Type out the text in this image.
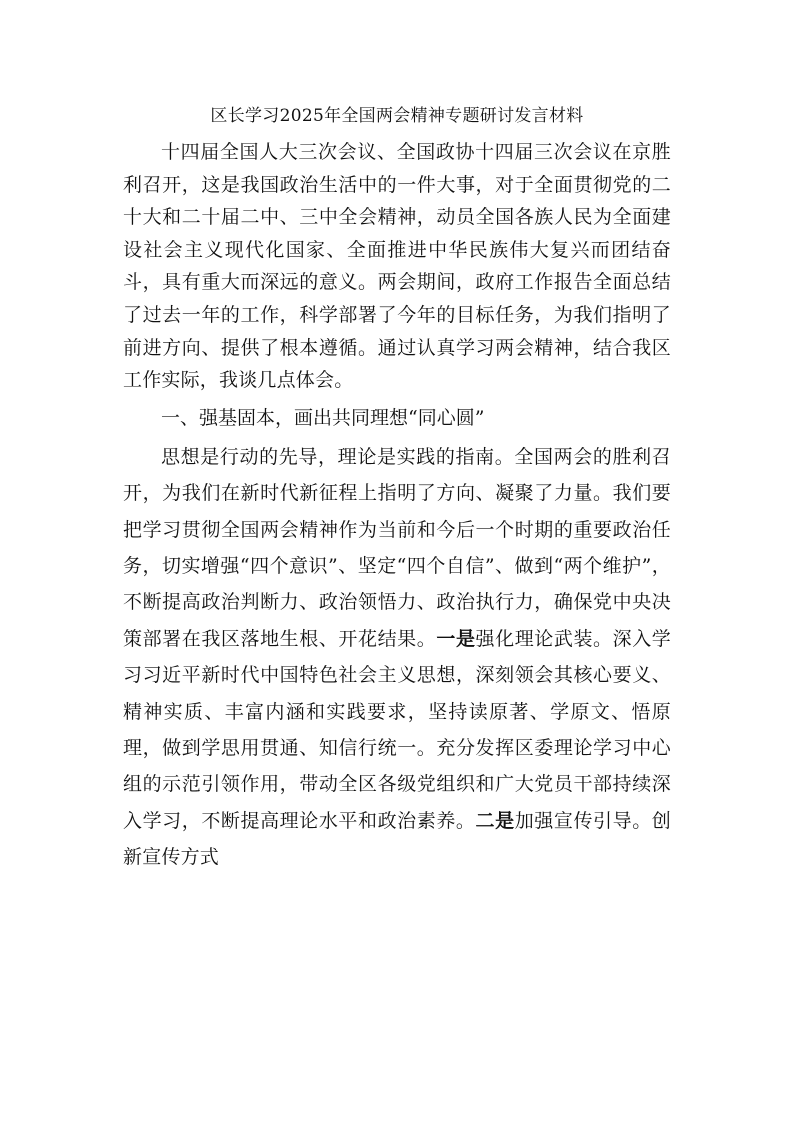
区长学习2025年全国两会精神专题研讨发言材料

十四届全国人大三次会议、全国政协十四届三次会议在京胜利召开，这是我国政治生活中的一件大事，对于全面贯彻党的二十大和二十届二中、三中全会精神，动员全国各族人民为全面建设社会主义现代化国家、全面推进中华民族伟大复兴而团结奋斗，具有重大而深远的意义。两会期间，政府工作报告全面总结了过去一年的工作，科学部署了今年的目标任务，为我们指明了前进方向、提供了根本遵循。通过认真学习两会精神，结合我区工作实际，我谈几点体会。

一、强基固本，画出共同理想“同心圆”

思想是行动的先导，理论是实践的指南。全国两会的胜利召开，为我们在新时代新征程上指明了方向、凝聚了力量。我们要把学习贯彻全国两会精神作为当前和今后一个时期的重要政治任务，切实增强“四个意识”、坚定“四个自信”、做到“两个维护”，不断提高政治判断力、政治领悟力、政治执行力，确保党中央决策部署在我区落地生根、开花结果。一是强化理论武装。深入学习习近平新时代中国特色社会主义思想，深刻领会其核心要义、精神实质、丰富内涵和实践要求，坚持读原著、学原文、悟原理，做到学思用贯通、知信行统一。充分发挥区委理论学习中心组的示范引领作用，带动全区各级党组织和广大党员干部持续深入学习，不断提高理论水平和政治素养。二是加强宣传引导。创新宣传方式
